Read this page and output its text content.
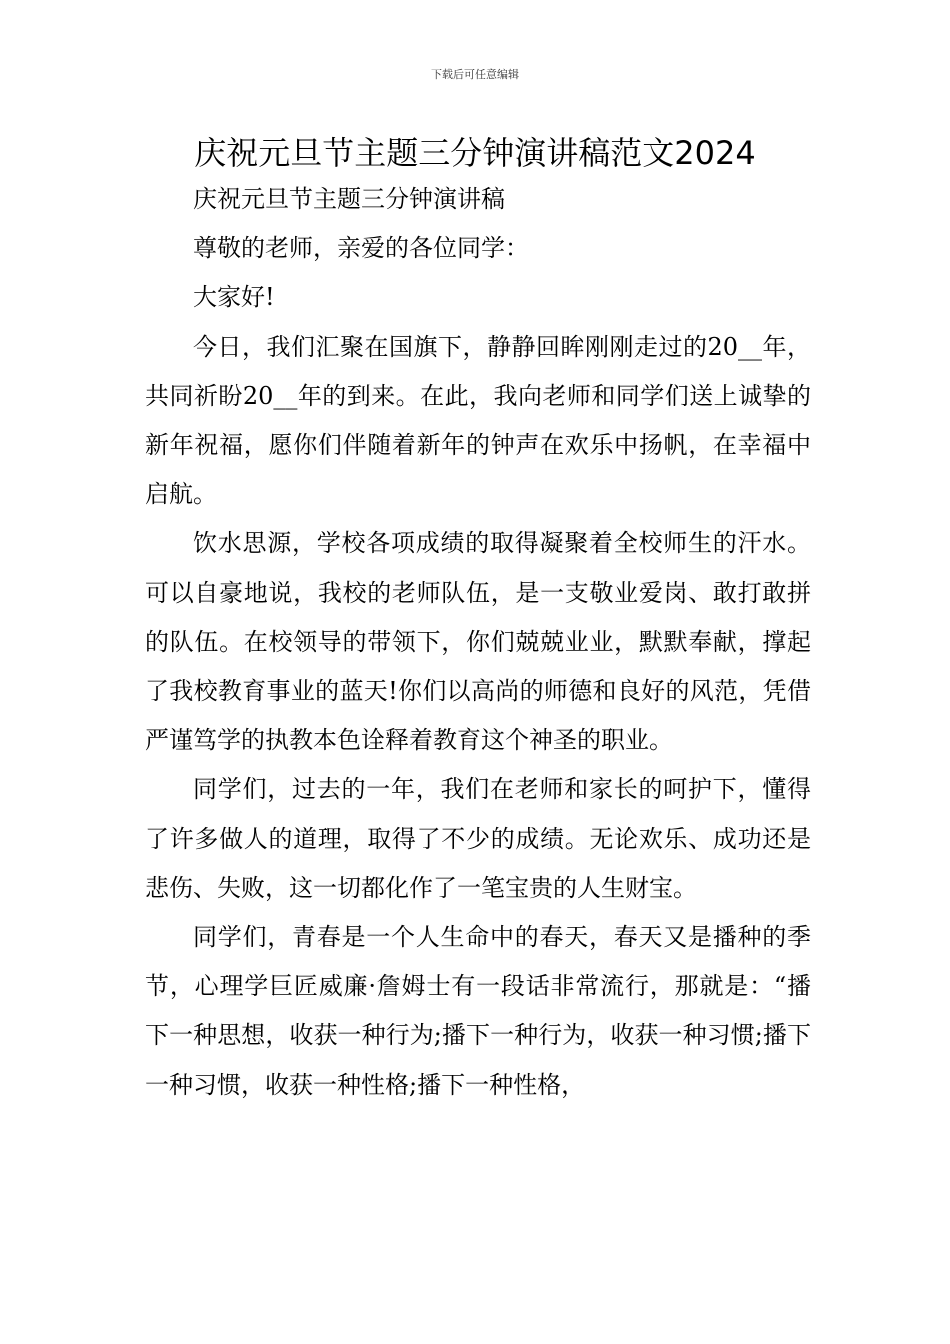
下载后可任意编辑
庆祝元旦节主题三分钟演讲稿范文2024

庆祝元旦节主题三分钟演讲稿

尊敬的老师，亲爱的各位同学：

大家好!

今日，我们汇聚在国旗下，静静回眸刚刚走过的20__年，共同祈盼20__年的到来。在此，我向老师和同学们送上诚挚的新年祝福，愿你们伴随着新年的钟声在欢乐中扬帆，在幸福中启航。

饮水思源，学校各项成绩的取得凝聚着全校师生的汗水。可以自豪地说，我校的老师队伍，是一支敬业爱岗、敢打敢拼的队伍。在校领导的带领下，你们兢兢业业，默默奉献，撑起了我校教育事业的蓝天!你们以高尚的师德和良好的风范，凭借严谨笃学的执教本色诠释着教育这个神圣的职业。

同学们，过去的一年，我们在老师和家长的呵护下，懂得了许多做人的道理，取得了不少的成绩。无论欢乐、成功还是悲伤、失败，这一切都化作了一笔宝贵的人生财宝。

同学们，青春是一个人生命中的春天，春天又是播种的季节，心理学巨匠威廉·詹姆士有一段话非常流行，那就是：“播下一种思想，收获一种行为;播下一种行为，收获一种习惯;播下一种习惯，收获一种性格;播下一种性格，
